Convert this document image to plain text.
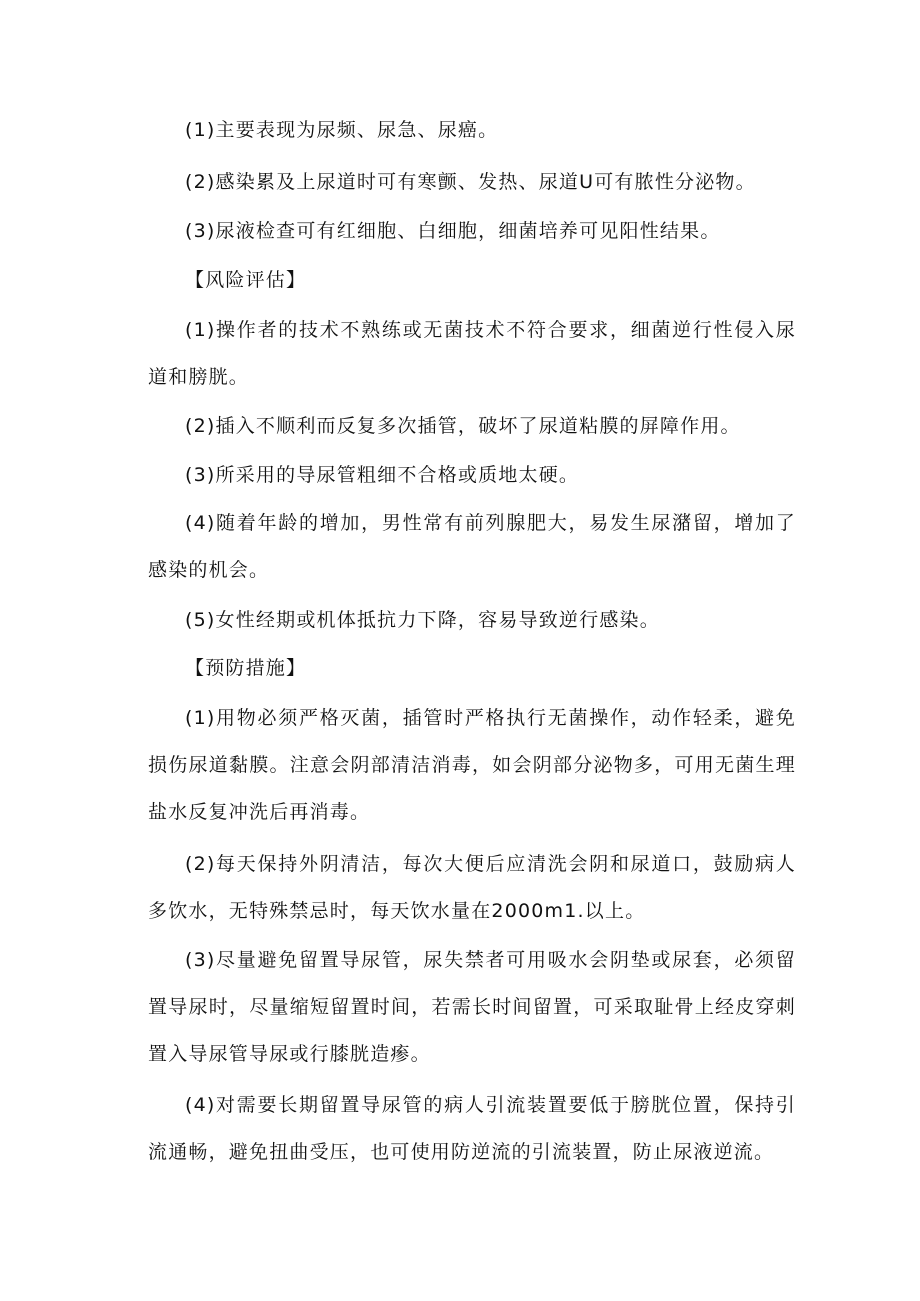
(1)主要表现为尿频、尿急、尿癌。

(2)感染累及上尿道时可有寒颤、发热、尿道U可有脓性分泌物。

(3)尿液检查可有红细胞、白细胞，细菌培养可见阳性结果。

【风险评估】

(1)操作者的技术不熟练或无菌技术不符合要求，细菌逆行性侵入尿道和膀胱。

(2)插入不顺利而反复多次插管，破坏了尿道粘膜的屏障作用。

(3)所采用的导尿管粗细不合格或质地太硬。

(4)随着年龄的增加，男性常有前列腺肥大，易发生尿潴留，增加了感染的机会。

(5)女性经期或机体抵抗力下降，容易导致逆行感染。

【预防措施】

(1)用物必须严格灭菌，插管时严格执行无菌操作，动作轻柔，避免损伤尿道黏膜。注意会阴部清洁消毒，如会阴部分泌物多，可用无菌生理盐水反复冲洗后再消毒。

(2)每天保持外阴清洁，每次大便后应清洗会阴和尿道口，鼓励病人多饮水，无特殊禁忌时，每天饮水量在2000m1.以上。

(3)尽量避免留置导尿管，尿失禁者可用吸水会阴垫或尿套，必须留置导尿时，尽量缩短留置时间，若需长时间留置，可采取耻骨上经皮穿刺置入导尿管导尿或行膝胱造瘆。

(4)对需要长期留置导尿管的病人引流装置要低于膀胱位置，保持引流通畅，避免扭曲受压，也可使用防逆流的引流装置，防止尿液逆流。
